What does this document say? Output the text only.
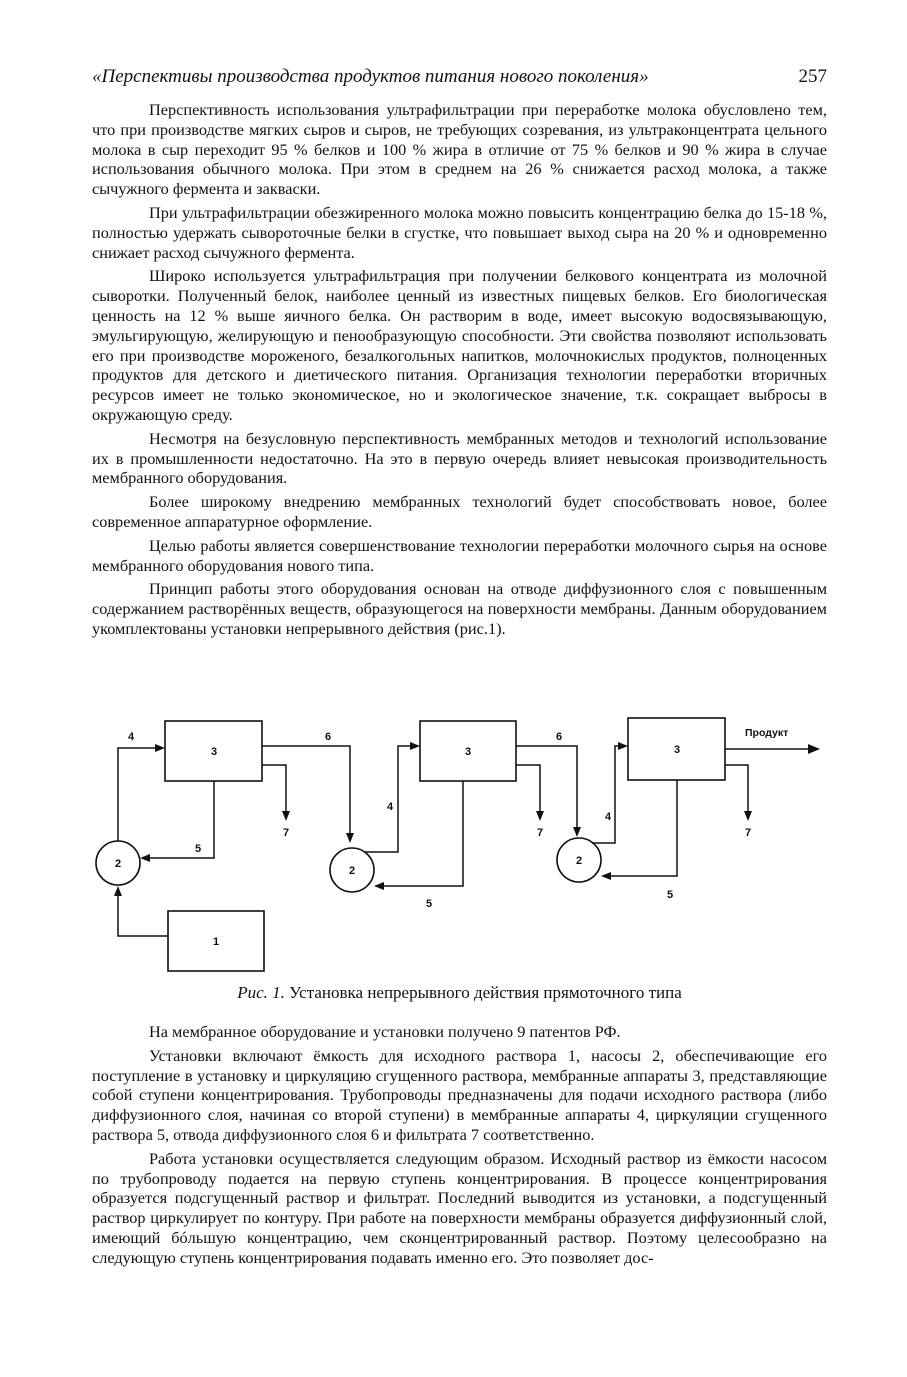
«Перспективы производства продуктов питания нового поколения»	257

Перспективность использования ультрафильтрации при переработке молока обусловлено тем, что при производстве мягких сыров и сыров, не требующих созревания, из ультраконцентрата цельного молока в сыр переходит 95 % белков и 100 % жира в отличие от 75 % белков и 90 % жира в случае использования обычного молока. При этом в среднем на 26 % снижается расход молока, а также сычужного фермента и закваски.

При ультрафильтрации обезжиренного молока можно повысить концентрацию белка до 15-18 %, полностью удержать сывороточные белки в сгустке, что повышает выход сыра на 20 % и одновременно снижает расход сычужного фермента.

Широко используется ультрафильтрация при получении белкового концентрата из молочной сыворотки. Полученный белок, наиболее ценный из известных пищевых белков. Его биологическая ценность на 12 % выше яичного белка. Он растворим в воде, имеет высокую водосвязывающую, эмульгирующую, желирующую и пенообразующую способности. Эти свойства позволяют использовать его при производстве мороженого, безалкогольных напитков, молочнокислых продуктов, полноценных продуктов для детского и диетического питания. Организация технологии переработки вторичных ресурсов имеет не только экономическое, но и экологическое значение, т.к. сокращает выбросы в окружающую среду.

Несмотря на безусловную перспективность мембранных методов и технологий использование их в промышленности недостаточно. На это в первую очередь влияет невысокая производительность мембранного оборудования.

Более широкому внедрению мембранных технологий будет способствовать новое, более современное аппаратурное оформление.

Целью работы является совершенствование технологии переработки молочного сырья на основе мембранного оборудования нового типа.

Принцип работы этого оборудования основан на отводе диффузионного слоя с повышенным содержанием растворённых веществ, образующегося на поверхности мембраны. Данным оборудованием укомплектованы установки непрерывного действия (рис.1).

3
2
1
4
5
7
6
3
2
4
5
7
6
3
2
4
5
7
Продукт
Рис. 1. Установка непрерывного действия прямоточного типа

На мембранное оборудование и установки получено 9 патентов РФ.

Установки включают ёмкость для исходного раствора 1, насосы 2, обеспечивающие его поступление в установку и циркуляцию сгущенного раствора, мембранные аппараты 3, представляющие собой ступени концентрирования. Трубопроводы предназначены для подачи исходного раствора (либо диффузионного слоя, начиная со второй ступени) в мембранные аппараты 4, циркуляции сгущенного раствора 5, отвода диффузионного слоя 6 и фильтрата 7 соответственно.

Работа установки осуществляется следующим образом. Исходный раствор из ёмкости насосом по трубопроводу подается на первую ступень концентрирования. В процессе концентрирования образуется подсгущенный раствор и фильтрат. Последний выводится из установки, а подсгущенный раствор циркулирует по контуру. При работе на поверхности мембраны образуется диффузионный слой, имеющий бóльшую концентрацию, чем сконцентрированный раствор. Поэтому целесообразно на следующую ступень концентрирования подавать именно его. Это позволяет дос-
